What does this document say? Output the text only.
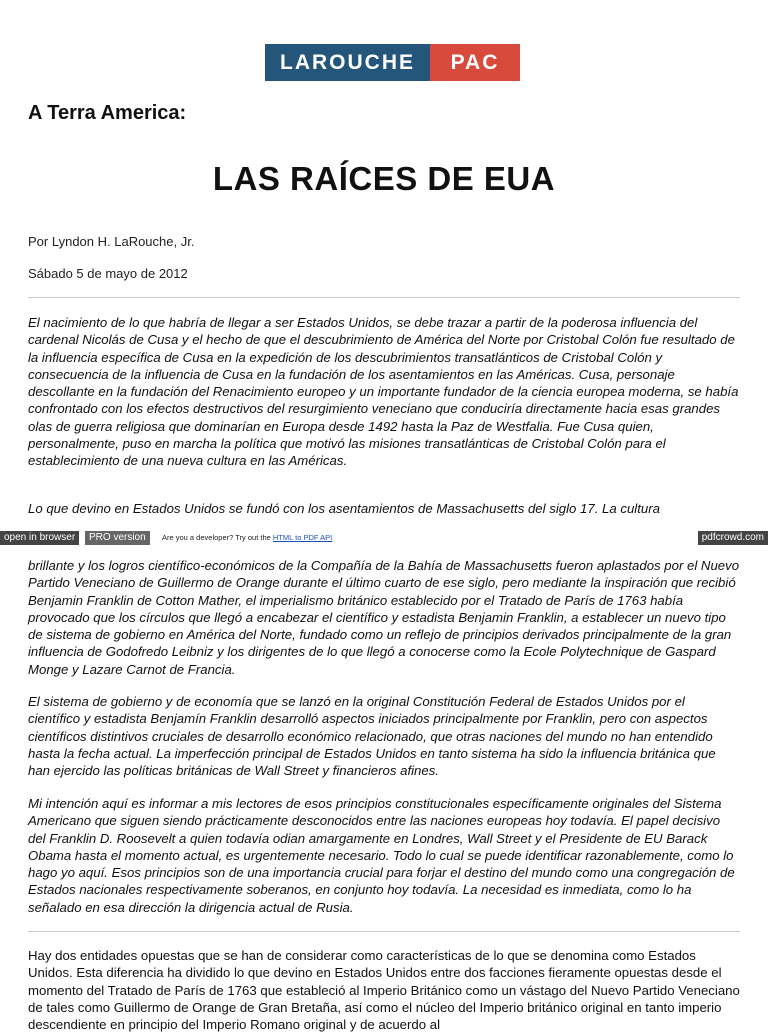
LAROUCHE	PAC
A Terra America:
LAS RAÍCES DE EUA
Por Lyndon H. LaRouche, Jr.
Sábado 5 de mayo de 2012

El nacimiento de lo que habría de llegar a ser Estados Unidos, se debe trazar a partir de la poderosa influencia del cardenal Nicolás de Cusa y el hecho de que el descubrimiento de América del Norte por Cristobal Colón fue resultado de la influencia específica de Cusa en la expedición de los descubrimientos transatlánticos de Cristobal Colón y consecuencia de la influencia de Cusa en la fundación de los asentamientos en las Américas. Cusa, personaje descollante en la fundación del Renacimiento europeo y un importante fundador de la ciencia europea moderna, se había confrontado con los efectos destructivos del resurgimiento veneciano que conduciría directamente hacia esas grandes olas de guerra religiosa que dominarían en Europa desde 1492 hasta la Paz de Westfalia. Fue Cusa quien, personalmente, puso en marcha la política que motivó las misiones transatlánticas de Cristobal Colón para el establecimiento de una nueva cultura en las Américas.

Lo que devino en Estados Unidos se fundó con los asentamientos de Massachusetts del siglo 17. La cultura

open in browser	PRO version	Are you a developer? Try out the HTML to PDF API	pdfcrowd.com

brillante y los logros científico-económicos de la Compañía de la Bahía de Massachusetts fueron aplastados por el Nuevo Partido Veneciano de Guillermo de Orange durante el último cuarto de ese siglo, pero mediante la inspiración que recibió Benjamin Franklin de Cotton Mather, el imperialismo británico establecido por el Tratado de París de 1763 había provocado que los círculos que llegó a encabezar el científico y estadista Benjamin Franklin, a establecer un nuevo tipo de sistema de gobierno en América del Norte, fundado como un reflejo de principios derivados principalmente de la gran influencia de Godofredo Leibniz y los dirigentes de lo que llegó a conocerse como la Ecole Polytechnique de Gaspard Monge y Lazare Carnot de Francia.

El sistema de gobierno y de economía que se lanzó en la original Constitución Federal de Estados Unidos por el científico y estadista Benjamín Franklin desarrolló aspectos iniciados principalmente por Franklin, pero con aspectos científicos distintivos cruciales de desarrollo económico relacionado, que otras naciones del mundo no han entendido hasta la fecha actual. La imperfección principal de Estados Unidos en tanto sistema ha sido la influencia británica que han ejercido las políticas británicas de Wall Street y financieros afines.

Mi intención aquí es informar a mis lectores de esos principios constitucionales específicamente originales del Sistema Americano que siguen siendo prácticamente desconocidos entre las naciones europeas hoy todavía. El papel decisivo del Franklin D. Roosevelt a quien todavía odian amargamente en Londres, Wall Street y el Presidente de EU Barack Obama hasta el momento actual, es urgentemente necesario. Todo lo cual se puede identificar razonablemente, como lo hago yo aquí. Esos principios son de una importancia crucial para forjar el destino del mundo como una congregación de Estados nacionales respectivamente soberanos, en conjunto hoy todavía. La necesidad es inmediata, como lo ha señalado en esa dirección la dirigencia actual de Rusia.

Hay dos entidades opuestas que se han de considerar como características de lo que se denomina como Estados Unidos. Esta diferencia ha dividido lo que devino en Estados Unidos entre dos facciones fieramente opuestas desde el momento del Tratado de París de 1763 que estableció al Imperio Británico como un vástago del Nuevo Partido Veneciano de tales como Guillermo de Orange de Gran Bretaña, así como el núcleo del Imperio británico original en tanto imperio descendiente en principio del Imperio Romano original y de acuerdo al
